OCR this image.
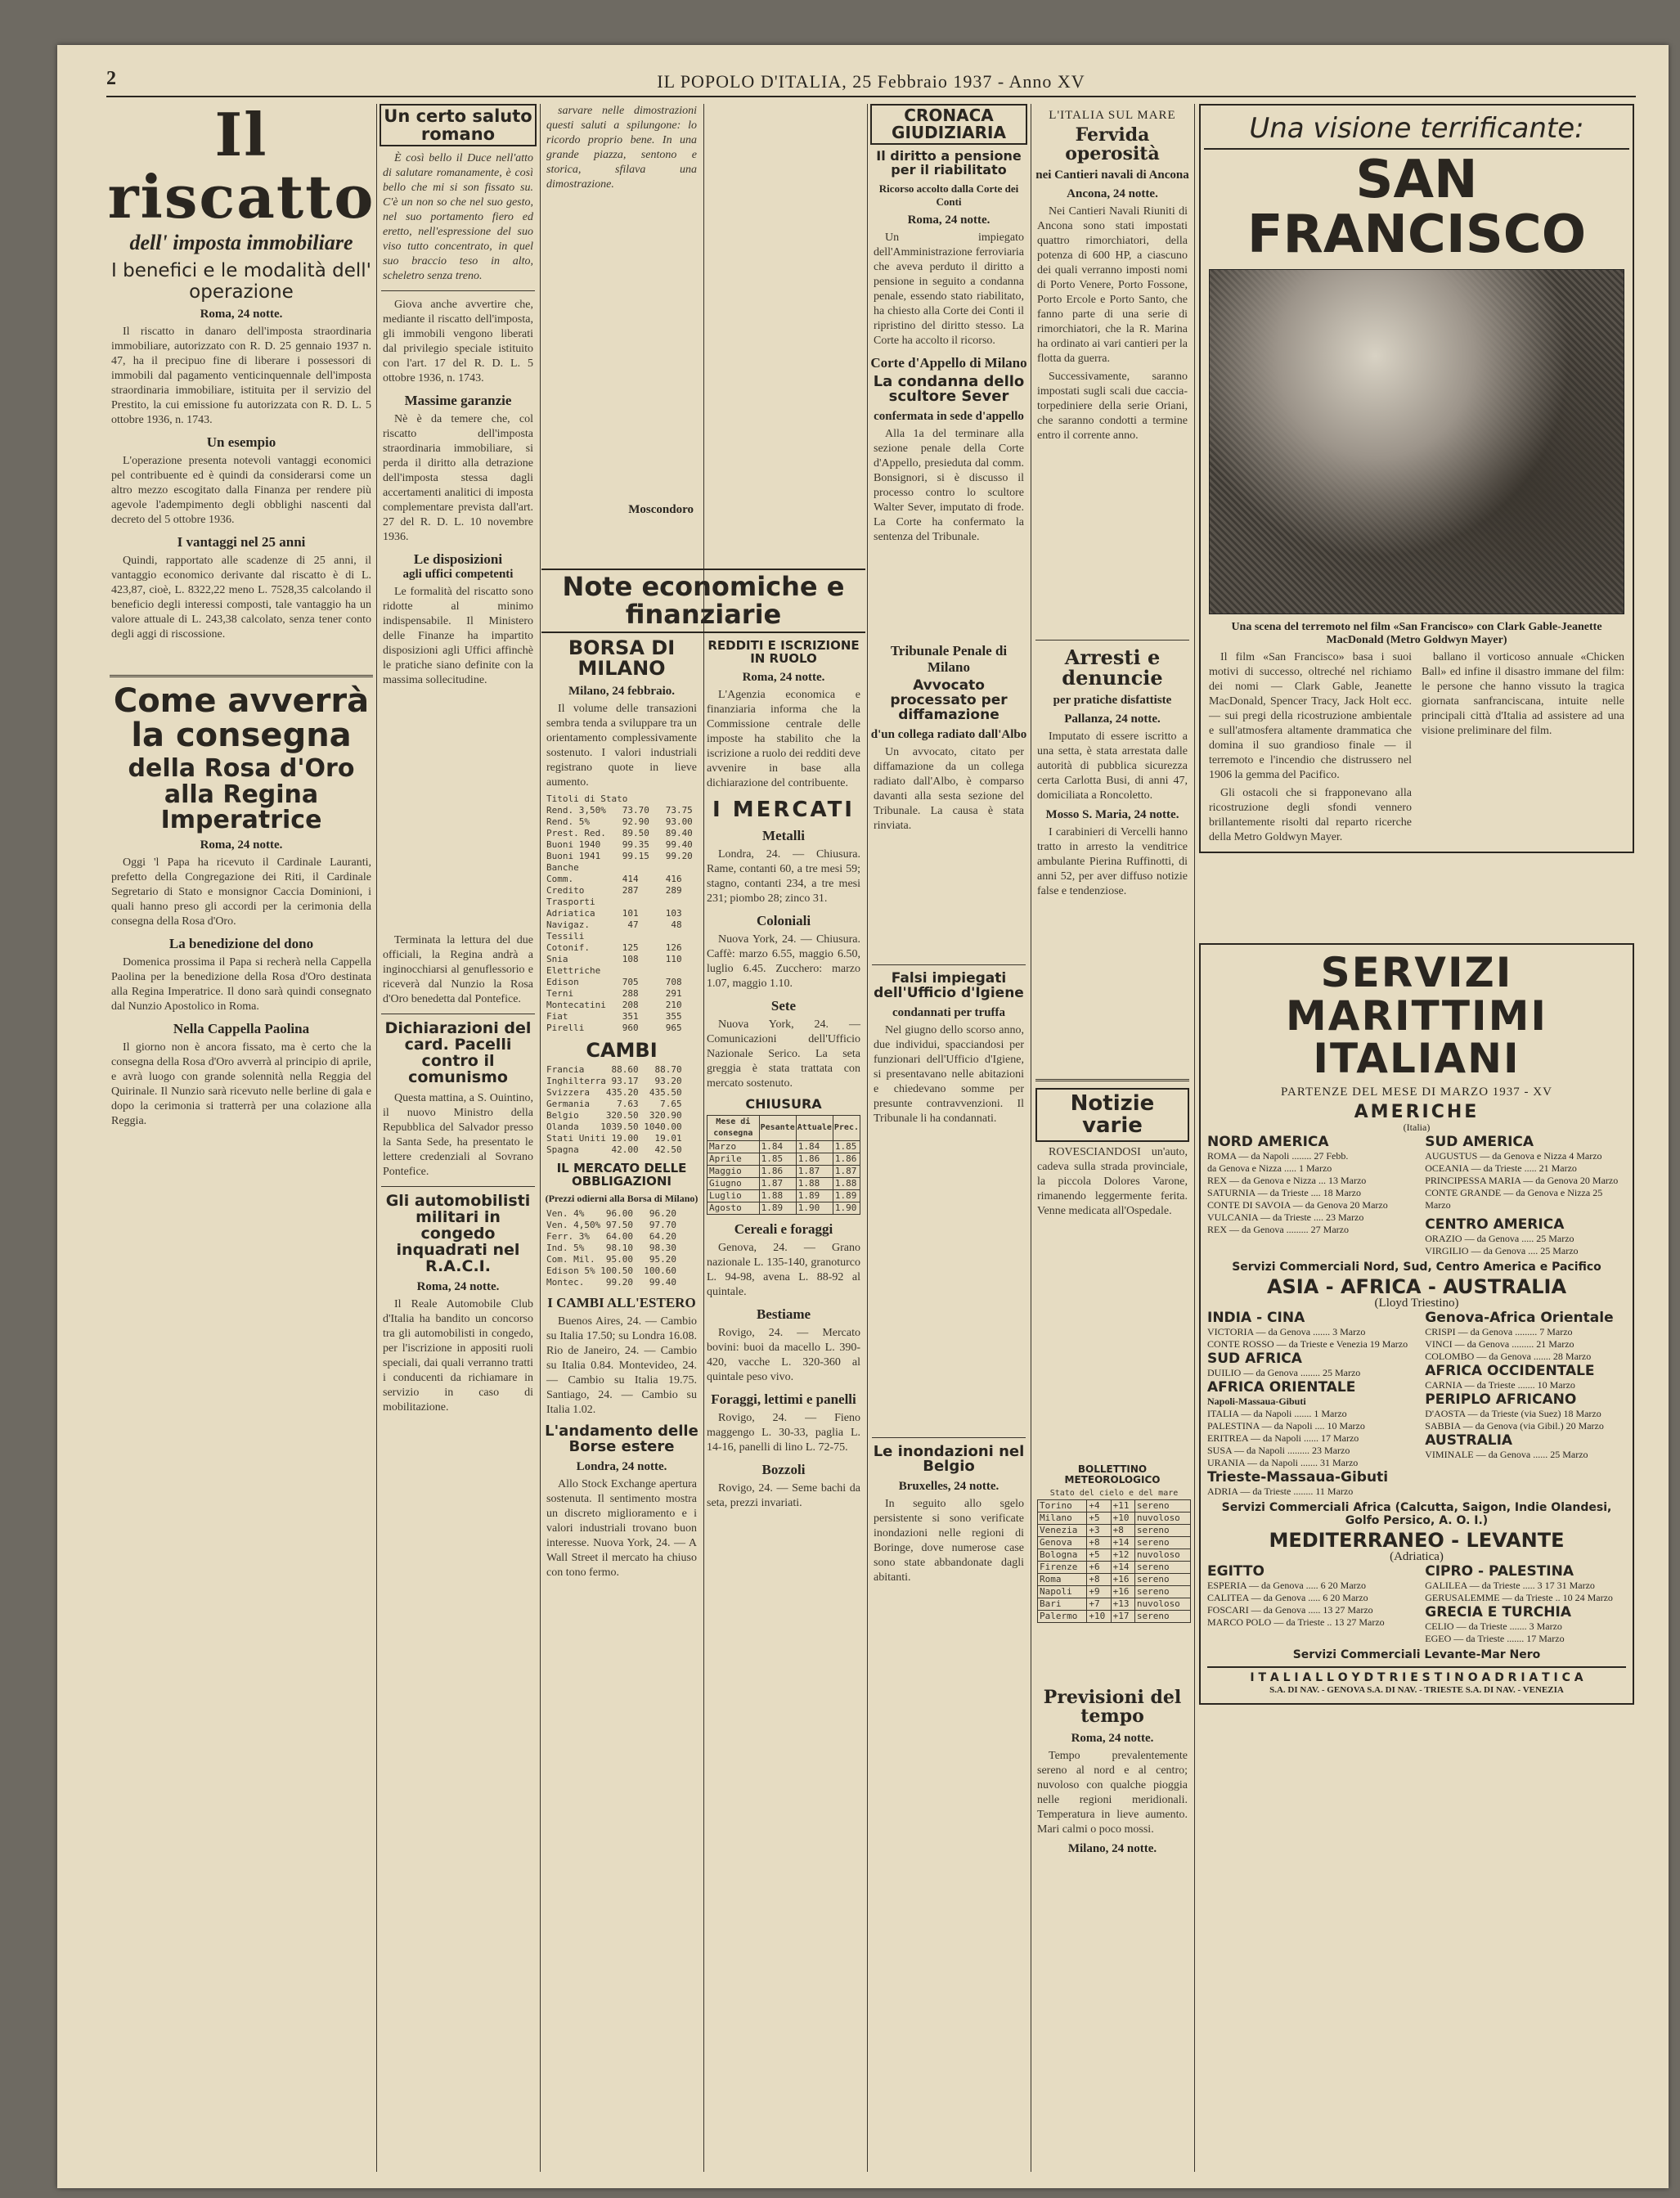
2	IL POPOLO D'ITALIA, 25 Febbraio 1937 - Anno XV
Il riscatto
dell' imposta immobiliare
I benefici e le modalità dell' operazione
Roma, 24 notte.

Il riscatto in danaro dell'imposta straordinaria immobiliare, autorizzato con R. D. 25 gennaio 1937 n. 47, ha il precipuo fine di liberare i possessori di immobili dal pagamento venticinquennale dell'imposta straordinaria immobiliare, istituita per il servizio del Prestito, la cui emissione fu autorizzata con R. D. L. 5 ottobre 1936, n. 1743.

Un esempio

L'operazione presenta notevoli vantaggi economici pel contribuente ed è quindi da considerarsi come un altro mezzo escogitato dalla Finanza per rendere più agevole l'adempimento degli obblighi nascenti dal decreto del 5 ottobre 1936.

I vantaggi nel 25 anni

Quindi, rapportato alle scadenze di 25 anni, il vantaggio economico derivante dal riscatto è di L. 423,87, cioè, L. 8322,22 meno L. 7528,35 calcolando il beneficio degli interessi composti, tale vantaggio ha un valore attuale di L. 243,38 calcolato, senza tener conto degli aggi di riscossione.

Come avverrà la consegna
della Rosa d'Oro
alla Regina Imperatrice
Roma, 24 notte.

Oggi 'l Papa ha ricevuto il Cardinale Lauranti, prefetto della Congregazione dei Riti, il Cardinale Segretario di Stato e monsignor Caccia Dominioni, i quali hanno preso gli accordi per la cerimonia della consegna della Rosa d'Oro.

La benedizione del dono

Domenica prossima il Papa si recherà nella Cappella Paolina per la benedizione della Rosa d'Oro destinata alla Regina Imperatrice. Il dono sarà quindi consegnato dal Nunzio Apostolico in Roma.

Nella Cappella Paolina

Il giorno non è ancora fissato, ma è certo che la consegna della Rosa d'Oro avverrà al principio di aprile, e avrà luogo con grande solennità nella Reggia del Quirinale. Il Nunzio sarà ricevuto nelle berline di gala e dopo la cerimonia si tratterrà per una colazione alla Reggia.

Un certo saluto romano

È così bello il Duce nell'atto di salutare romanamente, è così bello che mi si son fissato su. C'è un non so che nel suo gesto, nel suo portamento fiero ed eretto, nell'espressione del suo viso tutto concentrato, in quel suo braccio teso in alto, scheletro senza treno.

Giova anche avvertire che, mediante il riscatto dell'imposta, gli immobili vengono liberati dal privilegio speciale istituito con l'art. 17 del R. D. L. 5 ottobre 1936, n. 1743.

Massime garanzie

Nè è da temere che, col riscatto dell'imposta straordinaria immobiliare, si perda il diritto alla detrazione dell'imposta stessa dagli accertamenti analitici di imposta complementare prevista dall'art. 27 del R. D. L. 10 novembre 1936.

Le disposizioni
agli uffici competenti

Le formalità del riscatto sono ridotte al minimo indispensabile. Il Ministero delle Finanze ha impartito disposizioni agli Uffici affinchè le pratiche siano definite con la massima sollecitudine.

Terminata la lettura del due officiali, la Regina andrà a inginocchiarsi al genuflessorio e riceverà dal Nunzio la Rosa d'Oro benedetta dal Pontefice.

Dichiarazioni del card. Pacelli
contro il comunismo

Questa mattina, a S. Ouintino, il nuovo Ministro della Repubblica del Salvador presso la Santa Sede, ha presentato le lettere credenziali al Sovrano Pontefice.

Gli automobilisti militari in congedo
inquadrati nel R.A.C.I.
Roma, 24 notte.

Il Reale Automobile Club d'Italia ha bandito un concorso tra gli automobilisti in congedo, per l'iscrizione in appositi ruoli speciali, dai quali verranno tratti i conducenti da richiamare in servizio in caso di mobilitazione.

sarvare nelle dimostrazioni questi saluti a spilungone: lo ricordo proprio bene. In una grande piazza, sentono e storica, sfilava una dimostrazione.

Moscondoro
Note economiche e finanziarie
BORSA DI MILANO
Milano, 24 febbraio.

Il volume delle transazioni sembra tenda a sviluppare tra un orientamento complessivamente sostenuto. I valori industriali registrano quote in lieve aumento.

Titoli di Stato
Rend. 3,50%   73.70   73.75
Rend. 5%      92.90   93.00
Prest. Red.   89.50   89.40
Buoni 1940    99.35   99.40
Buoni 1941    99.15   99.20
Banche
Comm.         414     416
Credito       287     289
Trasporti
Adriatica     101     103
Navigaz.       47      48
Tessili
Cotonif.      125     126
Snia          108     110
Elettriche
Edison        705     708
Terni         288     291
Montecatini   208     210
Fiat          351     355
Pirelli       960     965
CAMBI
Francia     88.60   88.70
Inghilterra 93.17   93.20
Svizzera   435.20  435.50
Germania     7.63    7.65
Belgio     320.50  320.90
Olanda    1039.50 1040.00
Stati Uniti 19.00   19.01
Spagna      42.00   42.50
IL MERCATO DELLE OBBLIGAZIONI
(Prezzi odierni alla Borsa di Milano)
Ven. 4%    96.00   96.20
Ven. 4,50% 97.50   97.70
Ferr. 3%   64.00   64.20
Ind. 5%    98.10   98.30
Com. Mil.  95.00   95.20
Edison 5% 100.50  100.60
Montec.    99.20   99.40
I CAMBI ALL'ESTERO

Buenos Aires, 24. — Cambio su Italia 17.50; su Londra 16.08. Rio de Janeiro, 24. — Cambio su Italia 0.84. Montevideo, 24. — Cambio su Italia 19.75. Santiago, 24. — Cambio su Italia 1.02.

L'andamento delle Borse estere
Londra, 24 notte.

Allo Stock Exchange apertura sostenuta. Il sentimento mostra un discreto miglioramento e i valori industriali trovano buon interesse. Nuova York, 24. — A Wall Street il mercato ha chiuso con tono fermo.

REDDITI E ISCRIZIONE
IN RUOLO
Roma, 24 notte.

L'Agenzia economica e finanziaria informa che la Commissione centrale delle imposte ha stabilito che la iscrizione a ruolo dei redditi deve avvenire in base alla dichiarazione del contribuente.

I MERCATI
Metalli

Londra, 24. — Chiusura. Rame, contanti 60, a tre mesi 59; stagno, contanti 234, a tre mesi 231; piombo 28; zinco 31.

Coloniali

Nuova York, 24. — Chiusura. Caffè: marzo 6.55, maggio 6.50, luglio 6.45. Zucchero: marzo 1.07, maggio 1.10.

Sete

Nuova York, 24. — Comunicazioni dell'Ufficio Nazionale Serico. La seta greggia è stata trattata con mercato sostenuto.

CHIUSURA
Mese di consegna	Pesante	Attuale	Prec.
Marzo	1.84	1.84	1.85
Aprile	1.85	1.86	1.86
Maggio	1.86	1.87	1.87
Giugno	1.87	1.88	1.88
Luglio	1.88	1.89	1.89
Agosto	1.89	1.90	1.90
Cereali e foraggi

Genova, 24. — Grano nazionale L. 135-140, granoturco L. 94-98, avena L. 88-92 al quintale.

Bestiame

Rovigo, 24. — Mercato bovini: buoi da macello L. 390-420, vacche L. 320-360 al quintale peso vivo.

Foraggi, lettimi e panelli

Rovigo, 24. — Fieno maggengo L. 30-33, paglia L. 14-16, panelli di lino L. 72-75.

Bozzoli

Rovigo, 24. — Seme bachi da seta, prezzi invariati.

CRONACA GIUDIZIARIA
Il diritto a pensione per il riabilitato
Ricorso accolto dalla Corte dei Conti
Roma, 24 notte.

Un impiegato dell'Amministrazione ferroviaria che aveva perduto il diritto a pensione in seguito a condanna penale, essendo stato riabilitato, ha chiesto alla Corte dei Conti il ripristino del diritto stesso. La Corte ha accolto il ricorso.

Corte d'Appello di Milano
La condanna dello scultore Sever
confermata in sede d'appello

Alla 1a del terminare alla sezione penale della Corte d'Appello, presieduta dal comm. Bonsignori, si è discusso il processo contro lo scultore Walter Sever, imputato di frode. La Corte ha confermato la sentenza del Tribunale.

Tribunale Penale di Milano
Avvocato processato per diffamazione
d'un collega radiato dall'Albo

Un avvocato, citato per diffamazione da un collega radiato dall'Albo, è comparso davanti alla sesta sezione del Tribunale. La causa è stata rinviata.

Falsi impiegati dell'Ufficio d'Igiene
condannati per truffa

Nel giugno dello scorso anno, due individui, spacciandosi per funzionari dell'Ufficio d'Igiene, si presentavano nelle abitazioni e chiedevano somme per presunte contravvenzioni. Il Tribunale li ha condannati.

Le inondazioni nel Belgio
Bruxelles, 24 notte.

In seguito allo sgelo persistente si sono verificate inondazioni nelle regioni di Boringe, dove numerose case sono state abbandonate dagli abitanti.

L'ITALIA SUL MARE
Fervida operosità
nei Cantieri navali di Ancona
Ancona, 24 notte.

Nei Cantieri Navali Riuniti di Ancona sono stati impostati quattro rimorchiatori, della potenza di 600 HP, a ciascuno dei quali verranno imposti nomi di Porto Venere, Porto Fossone, Porto Ercole e Porto Santo, che fanno parte di una serie di rimorchiatori, che la R. Marina ha ordinato ai vari cantieri per la flotta da guerra.

Successivamente, saranno impostati sugli scali due caccia-torpediniere della serie Oriani, che saranno condotti a termine entro il corrente anno.

Arresti e denuncie
per pratiche disfattiste
Pallanza, 24 notte.

Imputato di essere iscritto a una setta, è stata arrestata dalle autorità di pubblica sicurezza certa Carlotta Busi, di anni 47, domiciliata a Roncoletto.

Mosso S. Maria, 24 notte.

I carabinieri di Vercelli hanno tratto in arresto la venditrice ambulante Pierina Ruffinotti, di anni 52, per aver diffuso notizie false e tendenziose.

Notizie varie

ROVESCIANDOSI un'auto, cadeva sulla strada provinciale, la piccola Dolores Varone, rimanendo leggermente ferita. Venne medicata all'Ospedale.

BOLLETTINO METEOROLOGICO
Stato del cielo e del mare
Torino	+4	+11	sereno
Milano	+5	+10	nuvoloso
Venezia	+3	+8	sereno
Genova	+8	+14	sereno
Bologna	+5	+12	nuvoloso
Firenze	+6	+14	sereno
Roma	+8	+16	sereno
Napoli	+9	+16	sereno
Bari	+7	+13	nuvoloso
Palermo	+10	+17	sereno
Previsioni del tempo
Roma, 24 notte.

Tempo prevalentemente sereno al nord e al centro; nuvoloso con qualche pioggia nelle regioni meridionali. Temperatura in lieve aumento. Mari calmi o poco mossi.

Milano, 24 notte.
Una visione terrificante:
SAN FRANCISCO
Una scena del terremoto nel film «San Francisco» con Clark Gable-Jeanette MacDonald (Metro Goldwyn Mayer)

Il film «San Francisco» basa i suoi motivi di successo, oltreché nel richiamo dei nomi — Clark Gable, Jeanette MacDonald, Spencer Tracy, Jack Holt ecc. — sui pregi della ricostruzione ambientale e sull'atmosfera altamente drammatica che domina il suo grandioso finale — il terremoto e l'incendio che distrussero nel 1906 la gemma del Pacifico.

Gli ostacoli che si frapponevano alla ricostruzione degli sfondi vennero brillantemente risolti dal reparto ricerche della Metro Goldwyn Mayer.

ballano il vorticoso annuale «Chicken Ball» ed infine il disastro immane del film: le persone che hanno vissuto la tragica giornata sanfranciscana, intuite nelle principali città d'Italia ad assistere ad una visione preliminare del film.

SERVIZI MARITTIMI
ITALIANI
PARTENZE DEL MESE DI MARZO 1937 - XV
AMERICHE
(Italia)
NORD AMERICA
ROMA — da Napoli ........ 27 Febb.
da Genova e Nizza ..... 1 Marzo
REX — da Genova e Nizza ... 13 Marzo
SATURNIA — da Trieste .... 18 Marzo
CONTE DI SAVOIA — da Genova 20 Marzo
VULCANIA — da Trieste .... 23 Marzo
REX — da Genova ......... 27 Marzo
SUD AMERICA
AUGUSTUS — da Genova e Nizza 4 Marzo
OCEANIA — da Trieste ..... 21 Marzo
PRINCIPESSA MARIA — da Genova 20 Marzo
CONTE GRANDE — da Genova e Nizza 25 Marzo
CENTRO AMERICA
ORAZIO — da Genova ..... 25 Marzo
VIRGILIO — da Genova .... 25 Marzo
Servizi Commerciali Nord, Sud, Centro America e Pacifico
ASIA - AFRICA - AUSTRALIA
(Lloyd Triestino)
INDIA - CINA
VICTORIA — da Genova ....... 3 Marzo
CONTE ROSSO — da Trieste e Venezia 19 Marzo
SUD AFRICA
DUILIO — da Genova ........ 25 Marzo
AFRICA ORIENTALE
Napoli-Massaua-Gibuti
ITALIA — da Napoli ....... 1 Marzo
PALESTINA — da Napoli .... 10 Marzo
ERITREA — da Napoli ...... 17 Marzo
SUSA — da Napoli ......... 23 Marzo
URANIA — da Napoli ....... 31 Marzo
Trieste-Massaua-Gibuti
ADRIA — da Trieste ........ 11 Marzo
Genova-Africa Orientale
CRISPI — da Genova ......... 7 Marzo
VINCI — da Genova ......... 21 Marzo
COLOMBO — da Genova ....... 28 Marzo
AFRICA OCCIDENTALE
CARNIA — da Trieste ....... 10 Marzo
PERIPLO AFRICANO
D'AOSTA — da Trieste (via Suez) 18 Marzo
SABBIA — da Genova (via Gibil.) 20 Marzo
AUSTRALIA
VIMINALE — da Genova ...... 25 Marzo
Servizi Commerciali Africa (Calcutta, Saigon, Indie Olandesi, Golfo Persico, A. O. I.)
MEDITERRANEO - LEVANTE
(Adriatica)
EGITTO
ESPERIA — da Genova ..... 6 20 Marzo
CALITEA — da Genova ..... 6 20 Marzo
FOSCARI — da Genova ..... 13 27 Marzo
MARCO POLO — da Trieste .. 13 27 Marzo
CIPRO - PALESTINA
GALILEA — da Trieste ..... 3 17 31 Marzo
GERUSALEMME — da Trieste .. 10 24 Marzo
GRECIA E TURCHIA
CELIO — da Trieste ....... 3 Marzo
EGEO — da Trieste ....... 17 Marzo
Servizi Commerciali Levante-Mar Nero
I T A L I A L L O Y D T R I E S T I N O A D R I A T I C A
S.A. DI NAV. - GENOVA S.A. DI NAV. - TRIESTE S.A. DI NAV. - VENEZIA
